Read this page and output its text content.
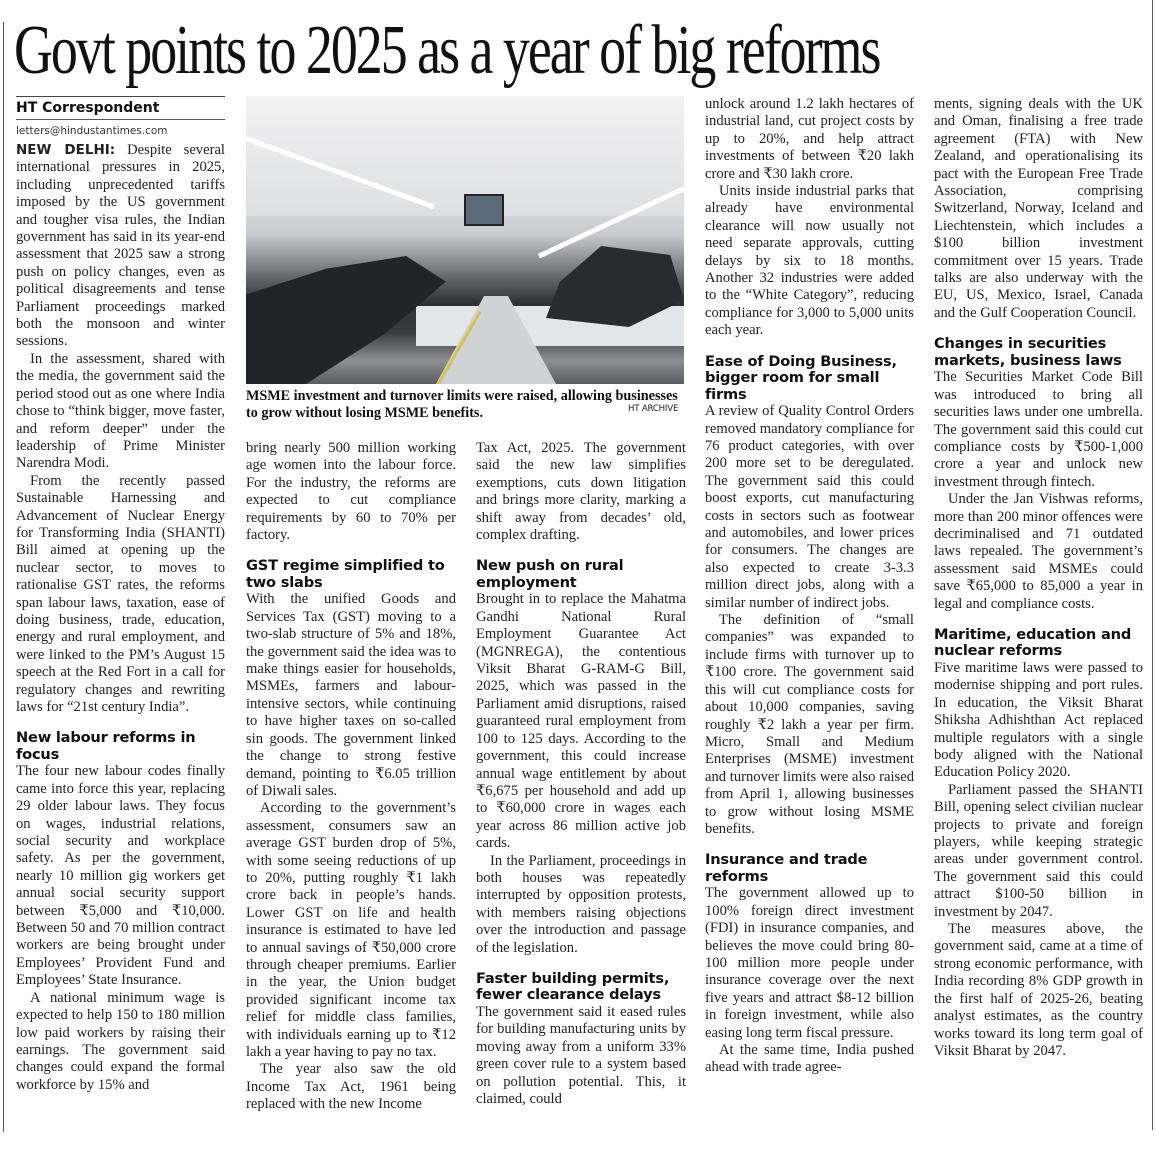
Govt points to 2025 as a year of big reforms
HT Correspondent
letters@hindustantimes.com

NEW DELHI: Despite several international pressures in 2025, including unprecedented tariffs imposed by the US government and tougher visa rules, the Indian government has said in its year-end assessment that 2025 saw a strong push on policy changes, even as political disagreements and tense Parliament proceedings marked both the monsoon and winter sessions.

In the assessment, shared with the media, the government said the period stood out as one where India chose to “think bigger, move faster, and reform deeper” under the leadership of Prime Minister Narendra Modi.

From the recently passed Sustainable Harnessing and Advancement of Nuclear Energy for Transforming India (SHANTI) Bill aimed at opening up the nuclear sector, to moves to rationalise GST rates, the reforms span labour laws, taxation, ease of doing business, trade, education, energy and rural employment, and were linked to the PM’s August 15 speech at the Red Fort in a call for regulatory changes and rewriting laws for “21st century India”.

New labour reforms in focus

The four new labour codes finally came into force this year, replacing 29 older labour laws. They focus on wages, industrial relations, social security and workplace safety. As per the government, nearly 10 million gig workers get annual social security support between ₹5,000 and ₹10,000. Between 50 and 70 million contract workers are being brought under Employees’ Provident Fund and Employees’ State Insurance.

A national minimum wage is expected to help 150 to 180 million low paid workers by raising their earnings. The government said changes could expand the formal workforce by 15% and

MSME investment and turnover limits were raised, allowing businesses to grow without losing MSME benefits.	HT ARCHIVE

bring nearly 500 million working age women into the labour force. For the industry, the reforms are expected to cut compliance requirements by 60 to 70% per factory.

GST regime simplified to two slabs

With the unified Goods and Services Tax (GST) moving to a two-slab structure of 5% and 18%, the government said the idea was to make things easier for households, MSMEs, farmers and labour-intensive sectors, while continuing to have higher taxes on so-called sin goods. The government linked the change to strong festive demand, pointing to ₹6.05 trillion of Diwali sales.

According to the government’s assessment, consumers saw an average GST burden drop of 5%, with some seeing reductions of up to 20%, putting roughly ₹1 lakh crore back in people’s hands. Lower GST on life and health insurance is estimated to have led to annual savings of ₹50,000 crore through cheaper premiums. Earlier in the year, the Union budget provided significant income tax relief for middle class families, with individuals earning up to ₹12 lakh a year having to pay no tax.

The year also saw the old Income Tax Act, 1961 being replaced with the new Income

Tax Act, 2025. The government said the new law simplifies exemptions, cuts down litigation and brings more clarity, marking a shift away from decades’ old, complex drafting.

New push on rural employment

Brought in to replace the Mahatma Gandhi National Rural Employment Guarantee Act (MGNREGA), the contentious Viksit Bharat G-RAM-G Bill, 2025, which was passed in the Parliament amid disruptions, raised guaranteed rural employment from 100 to 125 days. According to the government, this could increase annual wage entitlement by about ₹6,675 per household and add up to ₹60,000 crore in wages each year across 86 million active job cards.

In the Parliament, proceedings in both houses was repeatedly interrupted by opposition protests, with members raising objections over the introduction and passage of the legislation.

Faster building permits, fewer clearance delays

The government said it eased rules for building manufacturing units by moving away from a uniform 33% green cover rule to a system based on pollution potential. This, it claimed, could

unlock around 1.2 lakh hectares of industrial land, cut project costs by up to 20%, and help attract investments of between ₹20 lakh crore and ₹30 lakh crore.

Units inside industrial parks that already have environmental clearance will now usually not need separate approvals, cutting delays by six to 18 months. Another 32 industries were added to the “White Category”, reducing compliance for 3,000 to 5,000 units each year.

Ease of Doing Business, bigger room for small firms

A review of Quality Control Orders removed mandatory compliance for 76 product categories, with over 200 more set to be deregulated. The government said this could boost exports, cut manufacturing costs in sectors such as footwear and automobiles, and lower prices for consumers. The changes are also expected to create 3-3.3 million direct jobs, along with a similar number of indirect jobs.

The definition of “small companies” was expanded to include firms with turnover up to ₹100 crore. The government said this will cut compliance costs for about 10,000 companies, saving roughly ₹2 lakh a year per firm. Micro, Small and Medium Enterprises (MSME) investment and turnover limits were also raised from April 1, allowing businesses to grow without losing MSME benefits.

Insurance and trade reforms

The government allowed up to 100% foreign direct investment (FDI) in insurance companies, and believes the move could bring 80-100 million more people under insurance coverage over the next five years and attract $8-12 billion in foreign investment, while also easing long term fiscal pressure.

At the same time, India pushed ahead with trade agree-

ments, signing deals with the UK and Oman, finalising a free trade agreement (FTA) with New Zealand, and operationalising its pact with the European Free Trade Association, comprising Switzerland, Norway, Iceland and Liechtenstein, which includes a $100 billion investment commitment over 15 years. Trade talks are also underway with the EU, US, Mexico, Israel, Canada and the Gulf Cooperation Council.

Changes in securities markets, business laws

The Securities Market Code Bill was introduced to bring all securities laws under one umbrella. The government said this could cut compliance costs by ₹500-1,000 crore a year and unlock new investment through fintech.

Under the Jan Vishwas reforms, more than 200 minor offences were decriminalised and 71 outdated laws repealed. The government’s assessment said MSMEs could save ₹65,000 to 85,000 a year in legal and compliance costs.

Maritime, education and nuclear reforms

Five maritime laws were passed to modernise shipping and port rules. In education, the Viksit Bharat Shiksha Adhishthan Act replaced multiple regulators with a single body aligned with the National Education Policy 2020.

Parliament passed the SHANTI Bill, opening select civilian nuclear projects to private and foreign players, while keeping strategic areas under government control. The government said this could attract $100-50 billion in investment by 2047.

The measures above, the government said, came at a time of strong economic performance, with India recording 8% GDP growth in the first half of 2025-26, beating analyst estimates, as the country works toward its long term goal of Viksit Bharat by 2047.
